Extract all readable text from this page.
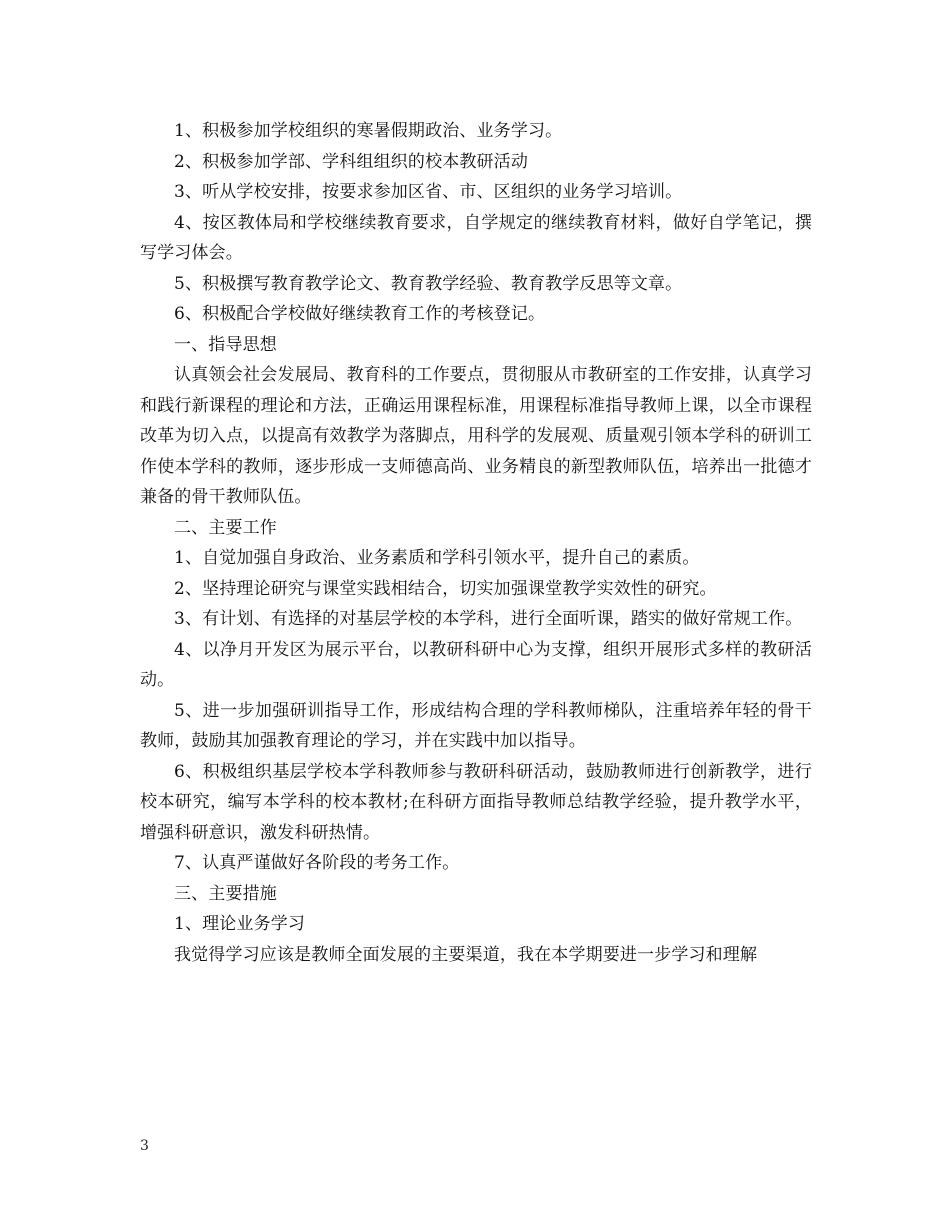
1、积极参加学校组织的寒暑假期政治、业务学习。

2、积极参加学部、学科组组织的校本教研活动

3、听从学校安排，按要求参加区省、市、区组织的业务学习培训。

4、按区教体局和学校继续教育要求，自学规定的继续教育材料，做好自学笔记，撰写学习体会。

5、积极撰写教育教学论文、教育教学经验、教育教学反思等文章。

6、积极配合学校做好继续教育工作的考核登记。

一、指导思想

认真领会社会发展局、教育科的工作要点，贯彻服从市教研室的工作安排，认真学习和践行新课程的理论和方法，正确运用课程标准，用课程标准指导教师上课，以全市课程改革为切入点，以提高有效教学为落脚点，用科学的发展观、质量观引领本学科的研训工作使本学科的教师，逐步形成一支师德高尚、业务精良的新型教师队伍，培养出一批德才兼备的骨干教师队伍。

二、主要工作

1、自觉加强自身政治、业务素质和学科引领水平，提升自己的素质。

2、坚持理论研究与课堂实践相结合，切实加强课堂教学实效性的研究。

3、有计划、有选择的对基层学校的本学科，进行全面听课，踏实的做好常规工作。

4、以净月开发区为展示平台，以教研科研中心为支撑，组织开展形式多样的教研活动。

5、进一步加强研训指导工作，形成结构合理的学科教师梯队，注重培养年轻的骨干教师，鼓励其加强教育理论的学习，并在实践中加以指导。

6、积极组织基层学校本学科教师参与教研科研活动，鼓励教师进行创新教学，进行校本研究，编写本学科的校本教材;在科研方面指导教师总结教学经验，提升教学水平，增强科研意识，激发科研热情。

7、认真严谨做好各阶段的考务工作。

三、主要措施

1、理论业务学习

我觉得学习应该是教师全面发展的主要渠道，我在本学期要进一步学习和理解

3
